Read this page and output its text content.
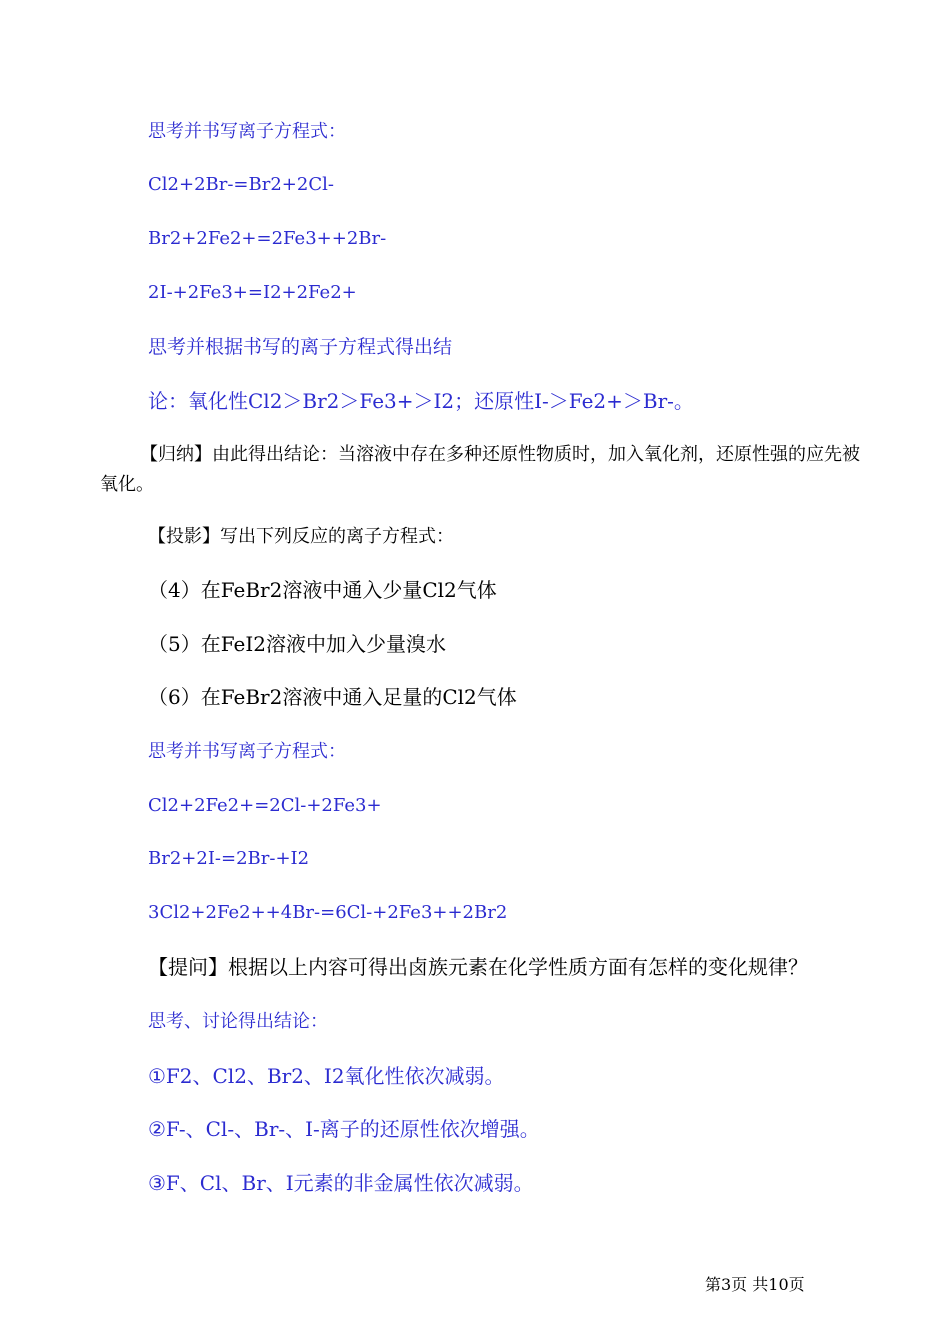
思考并书写离子方程式：
Cl2+2Br-=Br2+2Cl-
Br2+2Fe2+=2Fe3++2Br-
2I-+2Fe3+=I2+2Fe2+
思考并根据书写的离子方程式得出结
论：氧化性Cl2＞Br2＞Fe3+＞I2；还原性I-＞Fe2+＞Br-。
【归纳】由此得出结论：当溶液中存在多种还原性物质时，加入氧化剂，还原性强的应先被氧化。
【投影】写出下列反应的离子方程式：
（4）在FeBr2溶液中通入少量Cl2气体
（5）在FeI2溶液中加入少量溴水
（6）在FeBr2溶液中通入足量的Cl2气体
思考并书写离子方程式：
Cl2+2Fe2+=2Cl-+2Fe3+
Br2+2I-=2Br-+I2
3Cl2+2Fe2++4Br-=6Cl-+2Fe3++2Br2
【提问】根据以上内容可得出卤族元素在化学性质方面有怎样的变化规律？
思考、讨论得出结论：
①F2、Cl2、Br2、I2氧化性依次减弱。
②F-、Cl-、Br-、I-离子的还原性依次增强。
③F、Cl、Br、I元素的非金属性依次减弱。
第3页 共10页
